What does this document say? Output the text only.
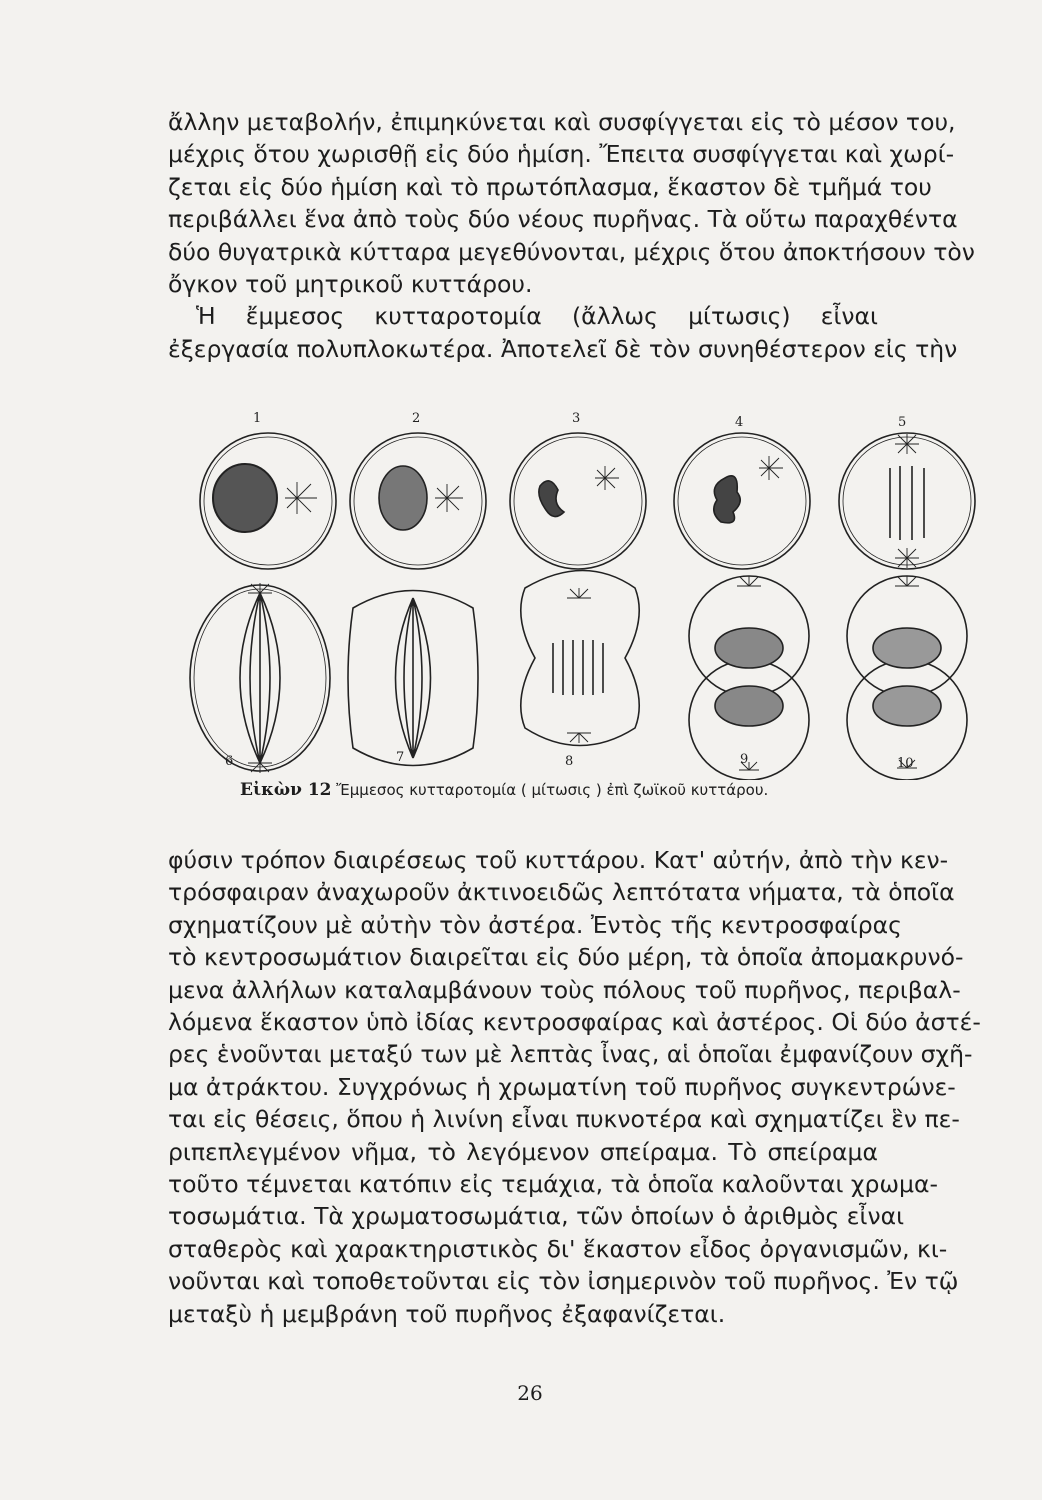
ἄλλην μεταβολήν, ἐπιμηκύνεται καὶ συσφίγγεται εἰς τὸ μέσον του,
μέχρις ὅτου χωρισθῇ εἰς δύο ἡμίση. Ἔπειτα συσφίγγεται καὶ χωρί-
ζεται εἰς δύο ἡμίση καὶ τὸ πρωτόπλασμα, ἕκαστον δὲ τμῆμά του
περιβάλλει ἕνα ἀπὸ τοὺς δύο νέους πυρῆνας. Τὰ οὕτω παραχθέντα
δύο θυγατρικὰ κύτταρα μεγεθύνονται, μέχρις ὅτου ἀποκτήσουν τὸν
ὄγκον τοῦ μητρικοῦ κυττάρου.
Ἡ ἔμμεσος κυτταροτομία (ἄλλως μίτωσις) εἶναι
ἐξεργασία πολυπλοκωτέρα. Ἀποτελεῖ δὲ τὸν συνηθέστερον εἰς τὴν
1	2	3	4	5
6	7	8	9	10
Εἰκὼν 12 Ἔμμεσος κυτταροτομία ( μίτωσις ) ἐπὶ ζωϊκοῦ κυττάρου.
φύσιν τρόπον διαιρέσεως τοῦ κυττάρου. Κατ' αὐτήν, ἀπὸ τὴν κεν-
τρόσφαιραν ἀναχωροῦν ἀκτινοειδῶς λεπτότατα νήματα, τὰ ὁποῖα
σχηματίζουν μὲ αὐτὴν τὸν ἀστέρα. Ἐντὸς τῆς κεντροσφαίρας
τὸ κεντροσωμάτιον διαιρεῖται εἰς δύο μέρη, τὰ ὁποῖα ἀπομακρυνό-
μενα ἀλλήλων καταλαμβάνουν τοὺς πόλους τοῦ πυρῆνος, περιβαλ-
λόμενα ἕκαστον ὑπὸ ἰδίας κεντροσφαίρας καὶ ἀστέρος. Οἱ δύο ἀστέ-
ρες ἑνοῦνται μεταξύ των μὲ λεπτὰς ἶνας, αἱ ὁποῖαι ἐμφανίζουν σχῆ-
μα ἀτράκτου. Συγχρόνως ἡ χρωματίνη τοῦ πυρῆνος συγκεντρώνε-
ται εἰς θέσεις, ὅπου ἡ λινίνη εἶναι πυκνοτέρα καὶ σχηματίζει ἓν πε-
ριπεπλεγμένον νῆμα, τὸ λεγόμενον σπείραμα. Τὸ σπείραμα
τοῦτο τέμνεται κατόπιν εἰς τεμάχια, τὰ ὁποῖα καλοῦνται χρωμα-
τοσωμάτια. Τὰ χρωματοσωμάτια, τῶν ὁποίων ὁ ἀριθμὸς εἶναι
σταθερὸς καὶ χαρακτηριστικὸς δι' ἕκαστον εἶδος ὀργανισμῶν, κι-
νοῦνται καὶ τοποθετοῦνται εἰς τὸν ἰσημερινὸν τοῦ πυρῆνος. Ἐν τῷ
μεταξὺ ἡ μεμβράνη τοῦ πυρῆνος ἐξαφανίζεται.
26
